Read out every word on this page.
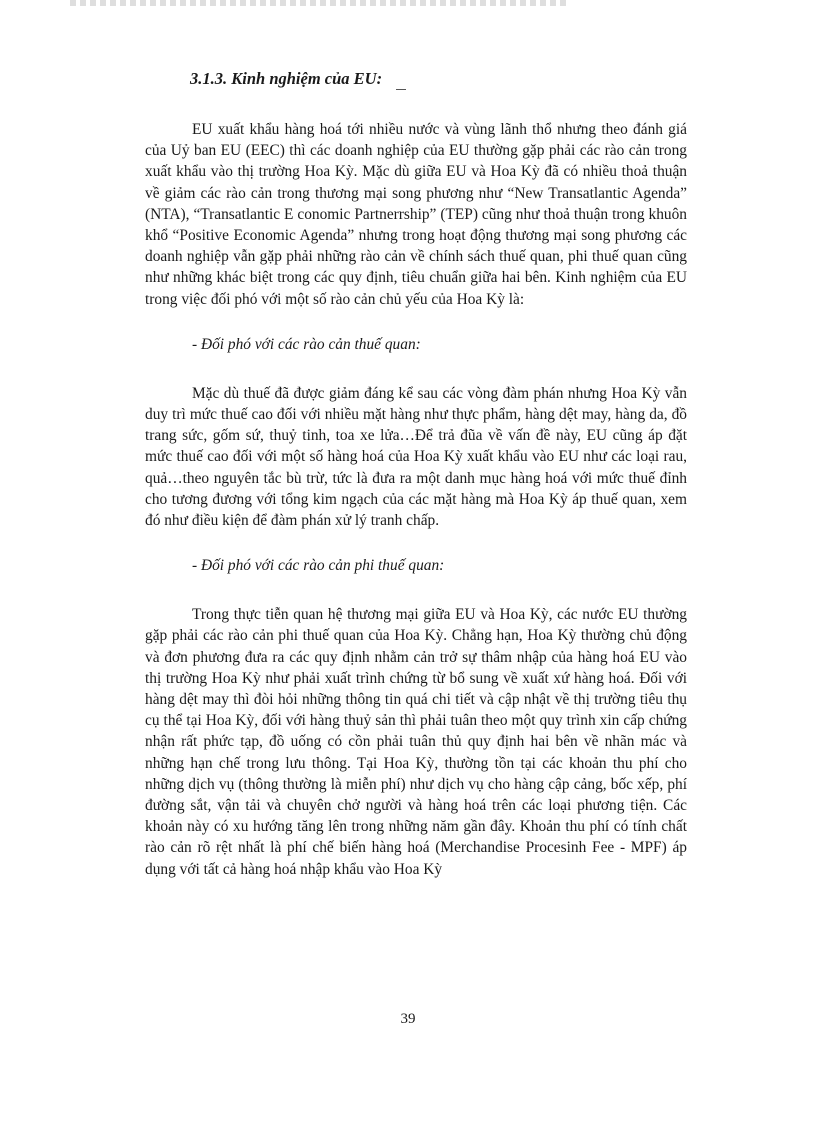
3.1.3. Kinh nghiệm của EU:

EU xuất khẩu hàng hoá tới nhiều nước và vùng lãnh thổ nhưng theo đánh giá của Uỷ ban EU (EEC) thì các doanh nghiệp của EU thường gặp phải các rào cản trong xuất khẩu vào thị trường Hoa Kỳ. Mặc dù giữa EU và Hoa Kỳ đã có nhiều thoả thuận về giảm các rào cản trong thương mại song phương như “New Transatlantic Agenda” (NTA), “Transatlantic E conomic Partnerrship” (TEP) cũng như thoả thuận trong khuôn khổ “Positive Economic Agenda” nhưng trong hoạt động thương mại song phương các doanh nghiệp vẫn gặp phải những rào cản về chính sách thuế quan, phi thuế quan cũng như những khác biệt trong các quy định, tiêu chuẩn giữa hai bên. Kinh nghiệm của EU trong việc đối phó với một số rào cản chủ yếu của Hoa Kỳ là:

- Đối phó với các rào cản thuế quan:

Mặc dù thuế đã được giảm đáng kể sau các vòng đàm phán nhưng Hoa Kỳ vẫn duy trì mức thuế cao đối với nhiều mặt hàng như thực phẩm, hàng dệt may, hàng da, đồ trang sức, gốm sứ, thuỷ tinh, toa xe lửa…Để trả đũa về vấn đề này, EU cũng áp đặt mức thuế cao đối với một số hàng hoá của Hoa Kỳ xuất khẩu vào EU như các loại rau, quả…theo nguyên tắc bù trừ, tức là đưa ra một danh mục hàng hoá với mức thuế đỉnh cho tương đương với tổng kim ngạch của các mặt hàng mà Hoa Kỳ áp thuế quan, xem đó như điều kiện để đàm phán xử lý tranh chấp.

- Đối phó với các rào cản phi thuế quan:

Trong thực tiễn quan hệ thương mại giữa EU và Hoa Kỳ, các nước EU thường gặp phải các rào cản phi thuế quan của Hoa Kỳ. Chẳng hạn, Hoa Kỳ thường chủ động và đơn phương đưa ra các quy định nhằm cản trở sự thâm nhập của hàng hoá EU vào thị trường Hoa Kỳ như phải xuất trình chứng từ bổ sung về xuất xứ hàng hoá. Đối với hàng dệt may thì đòi hỏi những thông tin quá chi tiết và cập nhật về thị trường tiêu thụ cụ thể tại Hoa Kỳ, đối với hàng thuỷ sản thì phải tuân theo một quy trình xin cấp chứng nhận rất phức tạp, đồ uống có cồn phải tuân thủ quy định hai bên về nhãn mác và những hạn chế trong lưu thông. Tại Hoa Kỳ, thường tồn tại các khoản thu phí cho những dịch vụ (thông thường là miễn phí) như dịch vụ cho hàng cập cảng, bốc xếp, phí đường sắt, vận tải và chuyên chở người và hàng hoá trên các loại phương tiện. Các khoản này có xu hướng tăng lên trong những năm gần đây. Khoản thu phí có tính chất rào cản rõ rệt nhất là phí chế biến hàng hoá (Merchandise Procesinh Fee - MPF) áp dụng với tất cả hàng hoá nhập khẩu vào Hoa Kỳ

39
